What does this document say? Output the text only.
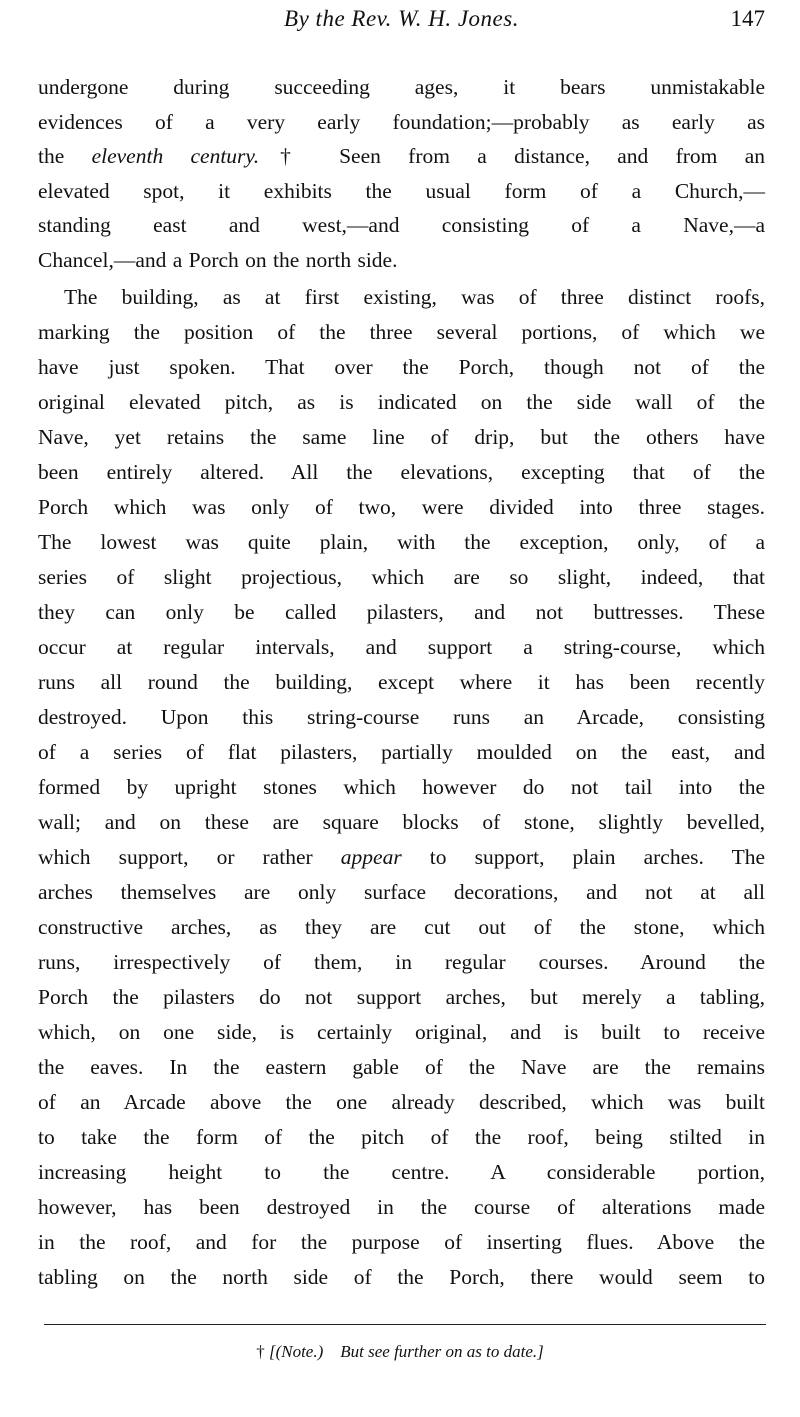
By the Rev. W. H. Jones.	147
undergone during succeeding ages, it bears unmistakable
evidences of a very early foundation;—probably as early as
the eleventh century.† Seen from a distance, and from an
elevated spot, it exhibits the usual form of a Church,—
standing east and west,—and consisting of a Nave,—a
Chancel,—and a Porch on the north side.
The building, as at first existing, was of three distinct roofs,
marking the position of the three several portions, of which we
have just spoken. That over the Porch, though not of the
original elevated pitch, as is indicated on the side wall of the
Nave, yet retains the same line of drip, but the others have
been entirely altered. All the elevations, excepting that of the
Porch which was only of two, were divided into three stages.
The lowest was quite plain, with the exception, only, of a
series of slight projectious, which are so slight, indeed, that
they can only be called pilasters, and not buttresses. These
occur at regular intervals, and support a string-course, which
runs all round the building, except where it has been recently
destroyed. Upon this string-course runs an Arcade, consisting
of a series of flat pilasters, partially moulded on the east, and
formed by upright stones which however do not tail into the
wall; and on these are square blocks of stone, slightly bevelled,
which support, or rather appear to support, plain arches. The
arches themselves are only surface decorations, and not at all
constructive arches, as they are cut out of the stone, which
runs, irrespectively of them, in regular courses. Around the
Porch the pilasters do not support arches, but merely a tabling,
which, on one side, is certainly original, and is built to receive
the eaves. In the eastern gable of the Nave are the remains
of an Arcade above the one already described, which was built
to take the form of the pitch of the roof, being stilted in
increasing height to the centre. A considerable portion,
however, has been destroyed in the course of alterations made
in the roof, and for the purpose of inserting flues. Above the
tabling on the north side of the Porch, there would seem to
† [(Note.) But see further on as to date.]
